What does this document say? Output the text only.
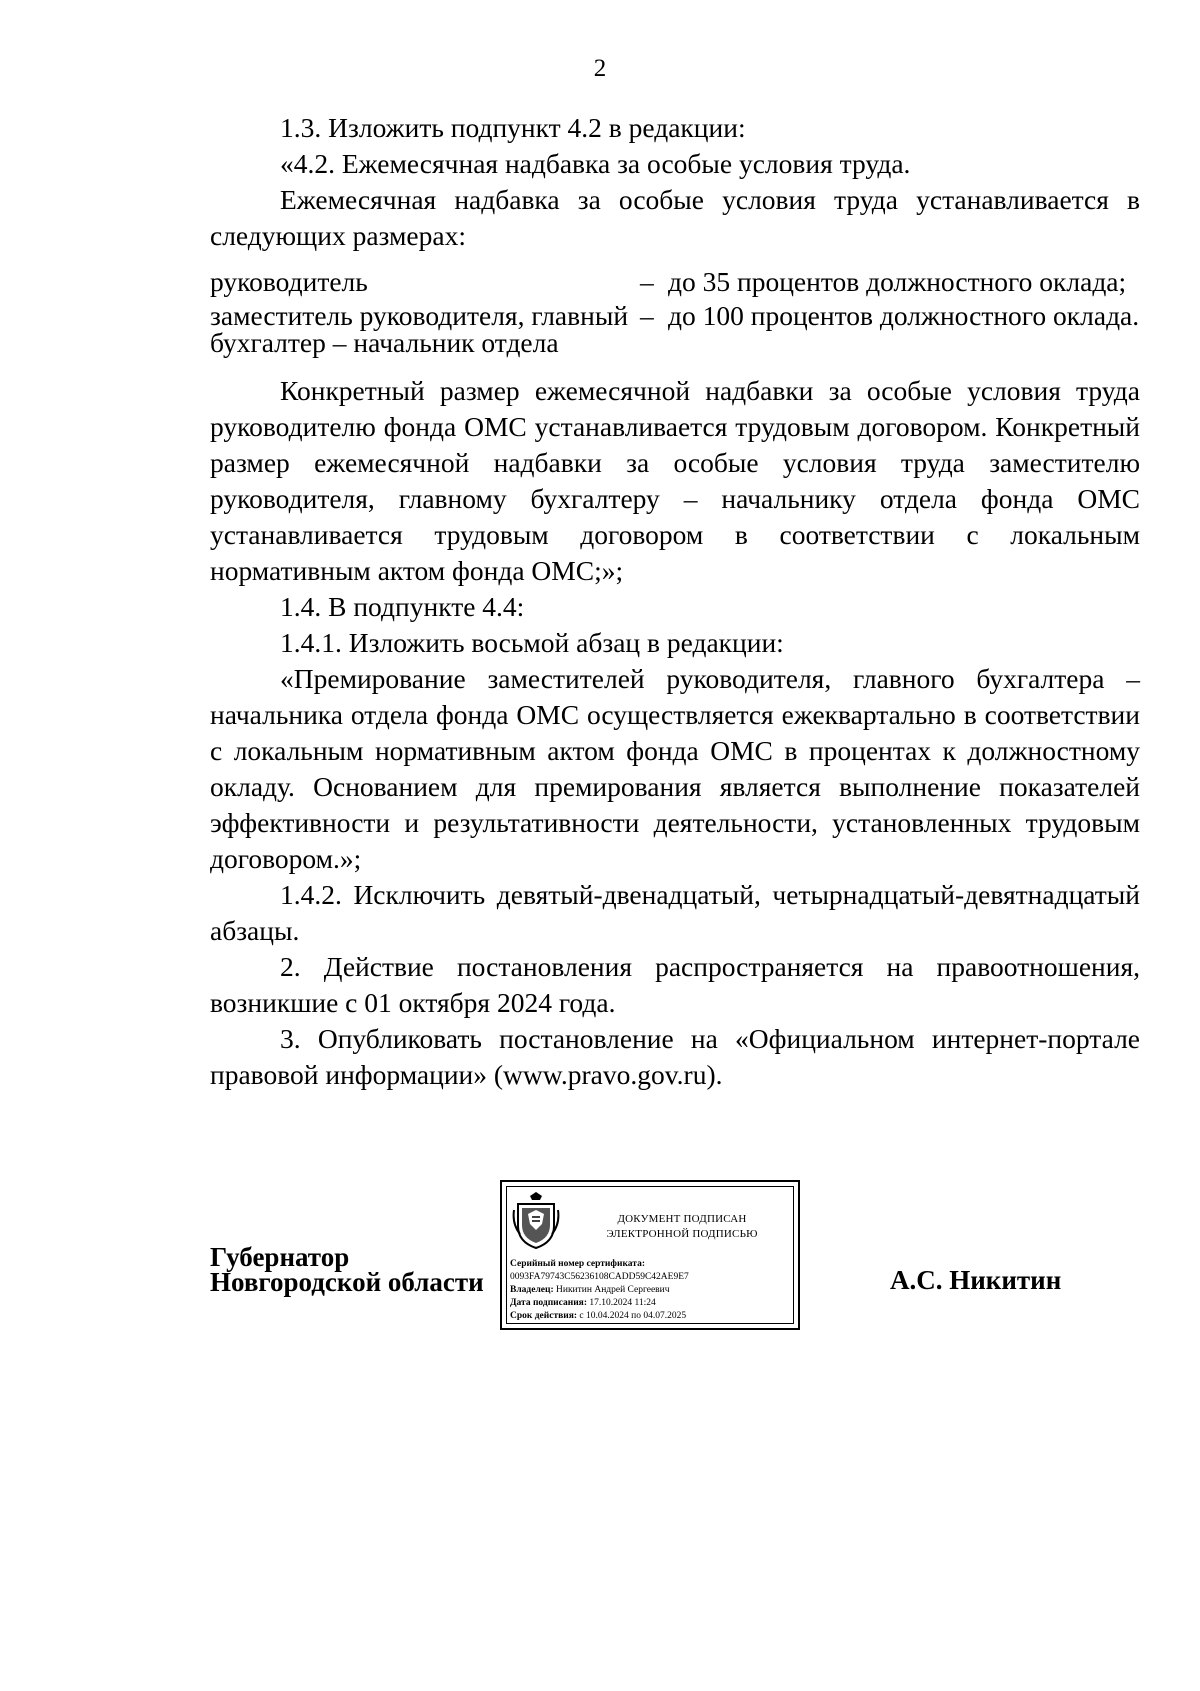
2

1.3. Изложить подпункт 4.2 в редакции:

«4.2. Ежемесячная надбавка за особые условия труда.

Ежемесячная надбавка за особые условия труда устанавливается в следующих размерах:

руководитель	– до 35 процентов должностного оклада;
заместитель руководителя, главный бухгалтер – начальник отдела
– до 100 процентов должностного оклада.

Конкретный размер ежемесячной надбавки за особые условия труда руководителю фонда ОМС устанавливается трудовым договором. Конкретный размер ежемесячной надбавки за особые условия труда заместителю руководителя, главному бухгалтеру – начальнику отдела фонда ОМС устанавливается трудовым договором в соответствии с локальным нормативным актом фонда ОМС;»;

1.4. В подпункте 4.4:

1.4.1. Изложить восьмой абзац в редакции:

«Премирование заместителей руководителя, главного бухгалтера – начальника отдела фонда ОМС осуществляется ежеквартально в соответствии с локальным нормативным актом фонда ОМС в процентах к должностному окладу. Основанием для премирования является выполнение показателей эффективности и результативности деятельности, установленных трудовым договором.»;

1.4.2. Исключить девятый-двенадцатый, четырнадцатый-девятнадцатый абзацы.

2. Действие постановления распространяется на правоотношения, возникшие с 01 октября 2024 года.

3. Опубликовать постановление на «Официальном интернет-портале правовой информации» (www.pravo.gov.ru).

Губернатор
Новгородской области
ДОКУМЕНТ ПОДПИСАН
ЭЛЕКТРОННОЙ ПОДПИСЬЮ
Серийный номер сертификата:
0093FA79743C56236108CADD59C42AE9E7
Владелец: Никитин Андрей Сергеевич
Дата подписания: 17.10.2024 11:24
Срок действия: с 10.04.2024 по 04.07.2025
А.С. Никитин
